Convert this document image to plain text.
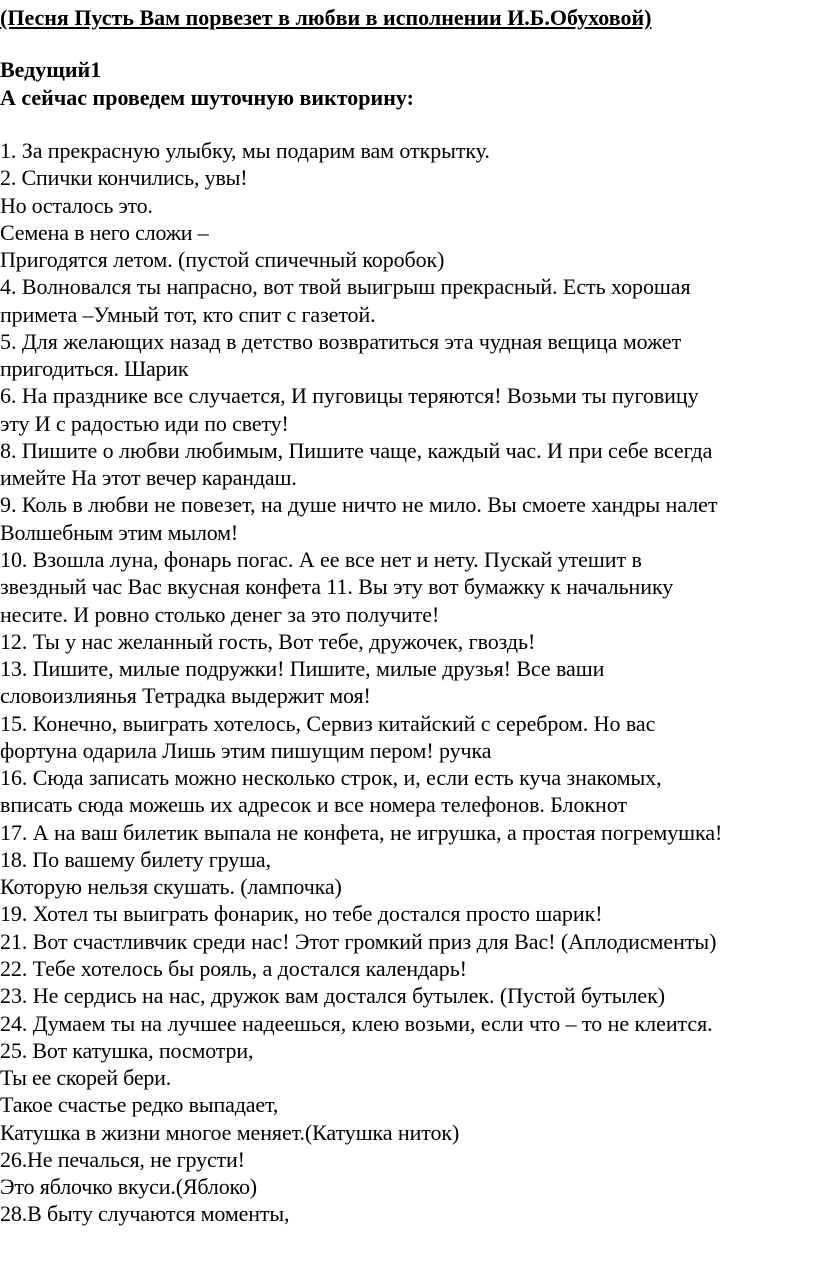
(Песня Пусть Вам порвезет в любви в исполнении И.Б.Обуховой)

Ведущий1

А сейчас проведем шуточную викторину:

1. За прекрасную улыбку, мы подарим вам открытку.
2. Спички кончились, увы!
Но осталось это.
Семена в него сложи –
Пригодятся летом. (пустой спичечный коробок)
4. Волновался ты напрасно, вот твой выигрыш прекрасный. Есть хорошая
примета –Умный тот, кто спит с газетой.
5. Для желающих назад в детство возвратиться эта чудная вещица может
пригодиться. Шарик
6. На празднике все случается, И пуговицы теряются! Возьми ты пуговицу
эту И с радостью иди по свету!
8. Пишите о любви любимым, Пишите чаще, каждый час. И при себе всегда
имейте На этот вечер карандаш.
9. Коль в любви не повезет, на душе ничто не мило. Вы смоете хандры налет
Волшебным этим мылом!
10. Взошла луна, фонарь погас. А ее все нет и нету. Пускай утешит в
звездный час Вас вкусная конфета 11. Вы эту вот бумажку к начальнику
несите. И ровно столько денег за это получите!
12. Ты у нас желанный гость, Вот тебе, дружочек, гвоздь!
13. Пишите, милые подружки! Пишите, милые друзья! Все ваши
словоизлиянья Тетрадка выдержит моя!
15. Конечно, выиграть хотелось, Сервиз китайский с серебром. Но вас
фортуна одарила Лишь этим пишущим пером! ручка
16. Сюда записать можно несколько строк, и, если есть куча знакомых,
вписать сюда можешь их адресок и все номера телефонов. Блокнот
17. А на ваш билетик выпала не конфета, не игрушка, а простая погремушка!
18. По вашему билету груша,
Которую нельзя скушать. (лампочка)
19. Хотел ты выиграть фонарик, но тебе достался просто шарик!
21. Вот счастливчик среди нас! Этот громкий приз для Вас! (Аплодисменты)
22. Тебе хотелось бы рояль, а достался календарь!
23. Не сердись на нас, дружок вам достался бутылек. (Пустой бутылек)
24. Думаем ты на лучшее надеешься, клею возьми, если что – то не клеится.
25. Вот катушка, посмотри,
Ты ее скорей бери.
Такое счастье редко выпадает,
Катушка в жизни многое меняет.(Катушка ниток)
26.Не печалься, не грусти!
Это яблочко вкуси.(Яблоко)
28.В быту случаются моменты,
